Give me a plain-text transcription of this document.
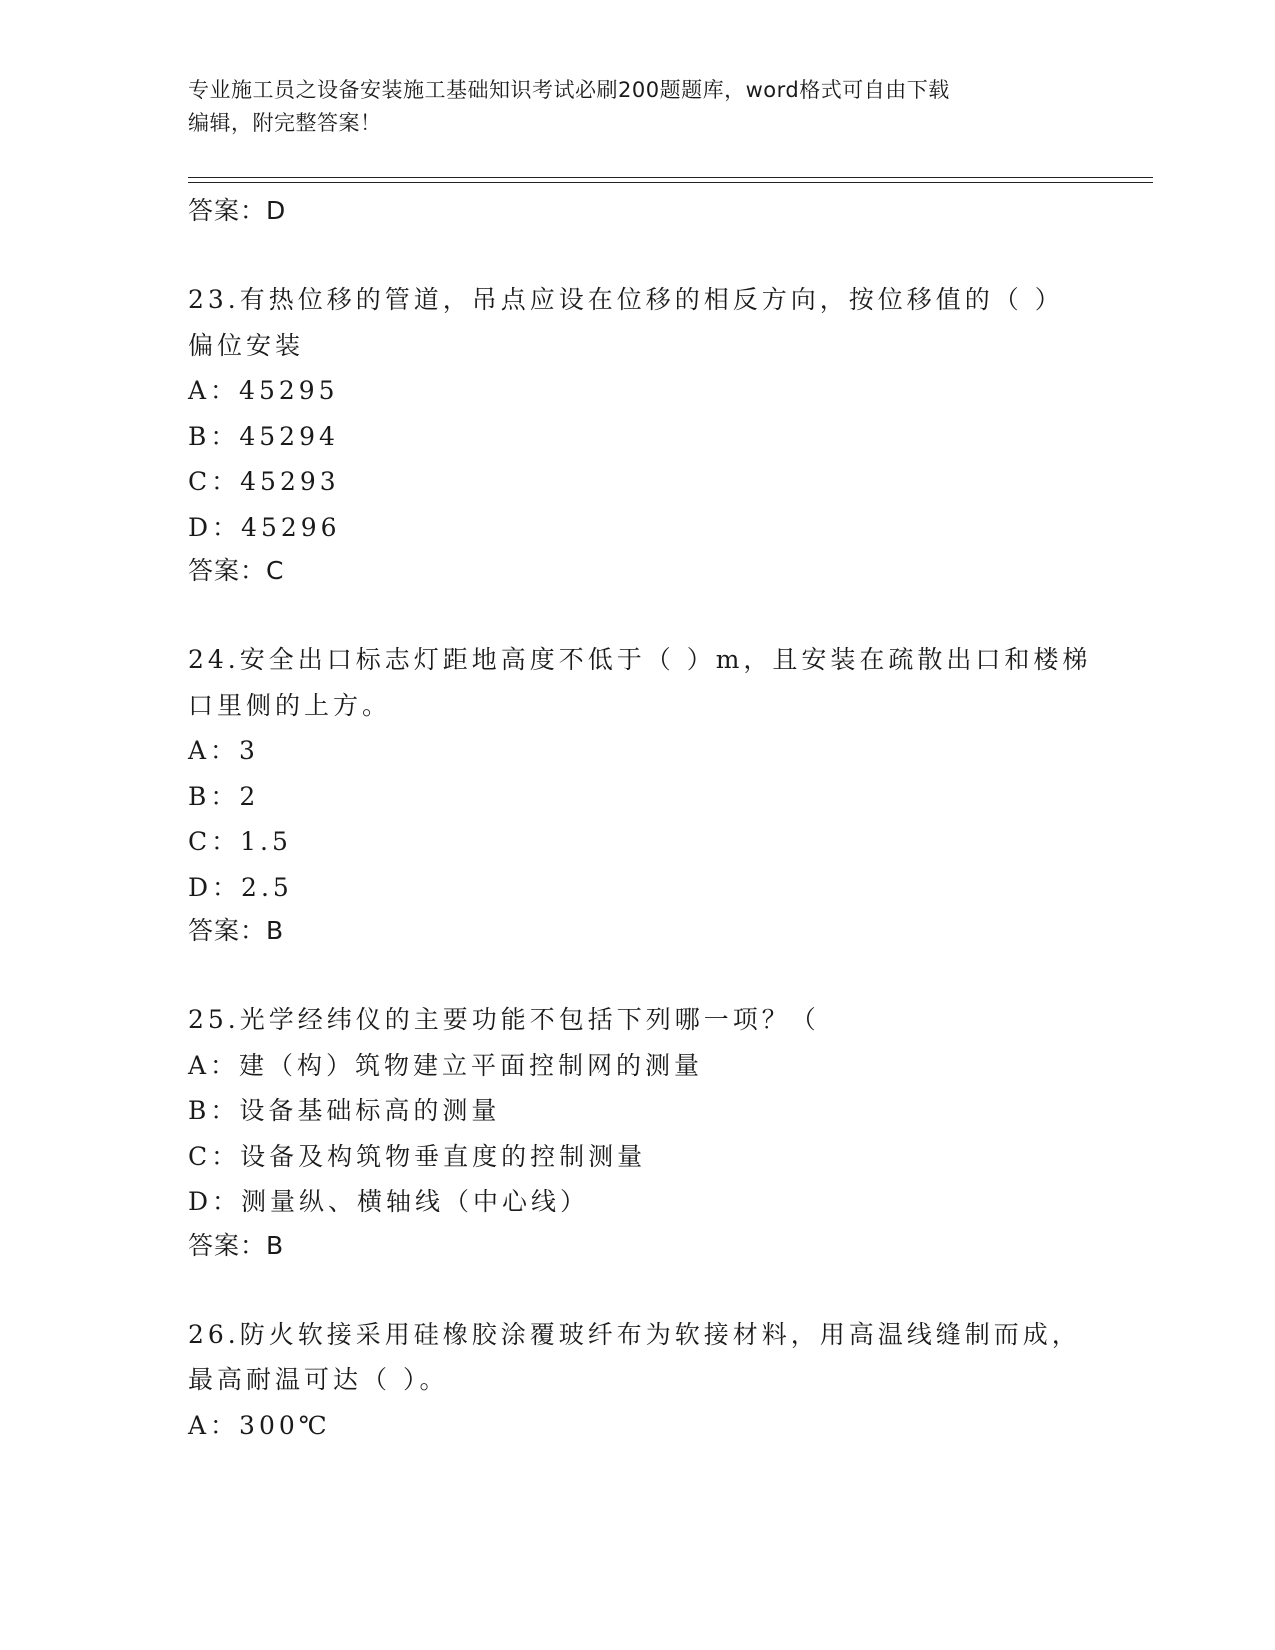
专业施工员之设备安装施工基础知识考试必刷200题题库，word格式可自由下载
编辑，附完整答案！
答案：D
23.有热位移的管道，吊点应设在位移的相反方向，按位移值的（ ）
偏位安装
A：45295
B：45294
C：45293
D：45296
答案：C
24.安全出口标志灯距地高度不低于（ ）m，且安装在疏散出口和楼梯
口里侧的上方。
A：3
B：2
C：1.5
D：2.5
答案：B
25.光学经纬仪的主要功能不包括下列哪一项？（
A：建（构）筑物建立平面控制网的测量
B：设备基础标高的测量
C：设备及构筑物垂直度的控制测量
D：测量纵、横轴线（中心线）
答案：B
26.防火软接采用硅橡胶涂覆玻纤布为软接材料，用高温线缝制而成，
最高耐温可达（ ）。
A：300℃
